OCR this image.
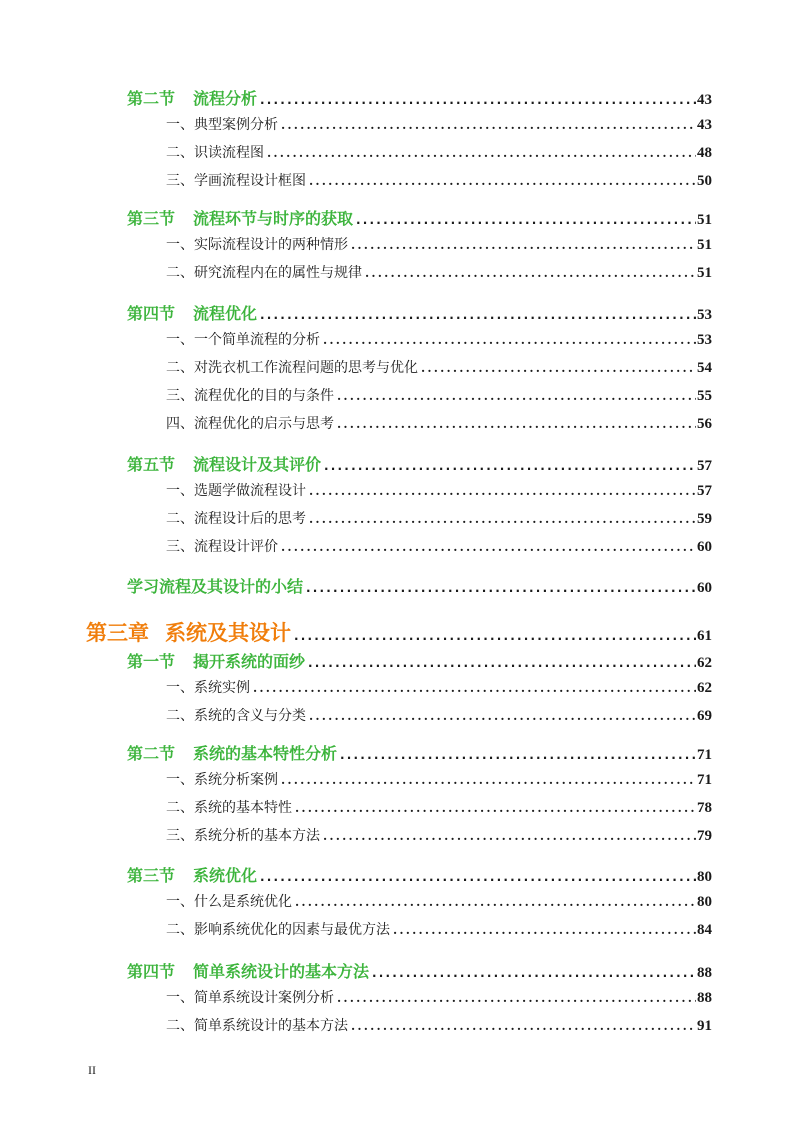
第二节 流程分析 .....	43
一、典型案例分析 .....	43
二、识读流程图 .....	48
三、学画流程设计框图 .....	50
第三节 流程环节与时序的获取 .....	51
一、实际流程设计的两种情形 .....	51
二、研究流程内在的属性与规律 .....	51
第四节 流程优化 .....	53
一、一个简单流程的分析 .....	53
二、对洗衣机工作流程问题的思考与优化 .....	54
三、流程优化的目的与条件 .....	55
四、流程优化的启示与思考 .....	56
第五节 流程设计及其评价 .....	57
一、选题学做流程设计 .....	57
二、流程设计后的思考 .....	59
三、流程设计评价 .....	60
学习流程及其设计的小结 .....	60
第三章 系统及其设计 .....	61
第一节 揭开系统的面纱 .....	62
一、系统实例 .....	62
二、系统的含义与分类 .....	69
第二节 系统的基本特性分析 .....	71
一、系统分析案例 .....	71
二、系统的基本特性 .....	78
三、系统分析的基本方法 .....	79
第三节 系统优化 .....	80
一、什么是系统优化 .....	80
二、影响系统优化的因素与最优方法 .....	84
第四节 简单系统设计的基本方法 .....	88
一、简单系统设计案例分析 .....	88
二、简单系统设计的基本方法 .....	91
II
